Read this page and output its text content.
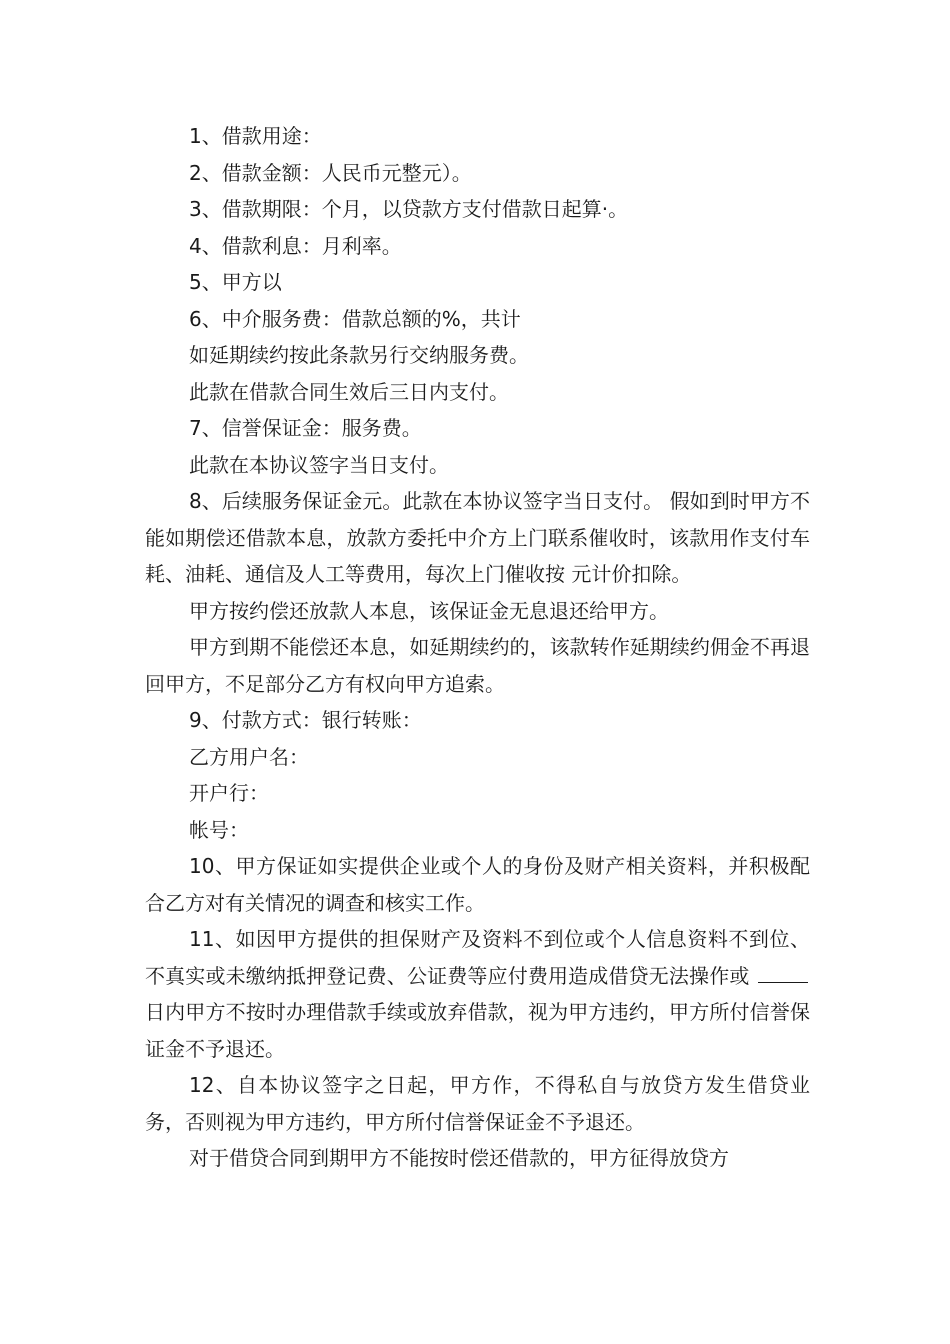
1、借款用途：

2、借款金额：人民币元整元）。

3、借款期限：个月，以贷款方支付借款日起算·。

4、借款利息：月利率。

5、甲方以

6、中介服务费：借款总额的%，共计

如延期续约按此条款另行交纳服务费。

此款在借款合同生效后三日内支付。

7、信誉保证金：服务费。

此款在本协议签字当日支付。

8、后续服务保证金元。此款在本协议签字当日支付。 假如到时甲方不能如期偿还借款本息，放款方委托中介方上门联系催收时，该款用作支付车耗、油耗、通信及人工等费用，每次上门催收按 元计价扣除。

甲方按约偿还放款人本息，该保证金无息退还给甲方。

甲方到期不能偿还本息，如延期续约的，该款转作延期续约佣金不再退回甲方，不足部分乙方有权向甲方追索。

9、付款方式：银行转账：

乙方用户名：

开户行：

帐号：

10、甲方保证如实提供企业或个人的身份及财产相关资料，并积极配合乙方对有关情况的调查和核实工作。

11、如因甲方提供的担保财产及资料不到位或个人信息资料不到位、不真实或未缴纳抵押登记费、公证费等应付费用造成借贷无法操作或 日内甲方不按时办理借款手续或放弃借款，视为甲方违约，甲方所付信誉保证金不予退还。

12、自本协议签字之日起，甲方作，不得私自与放贷方发生借贷业务，否则视为甲方违约，甲方所付信誉保证金不予退还。

对于借贷合同到期甲方不能按时偿还借款的，甲方征得放贷方
